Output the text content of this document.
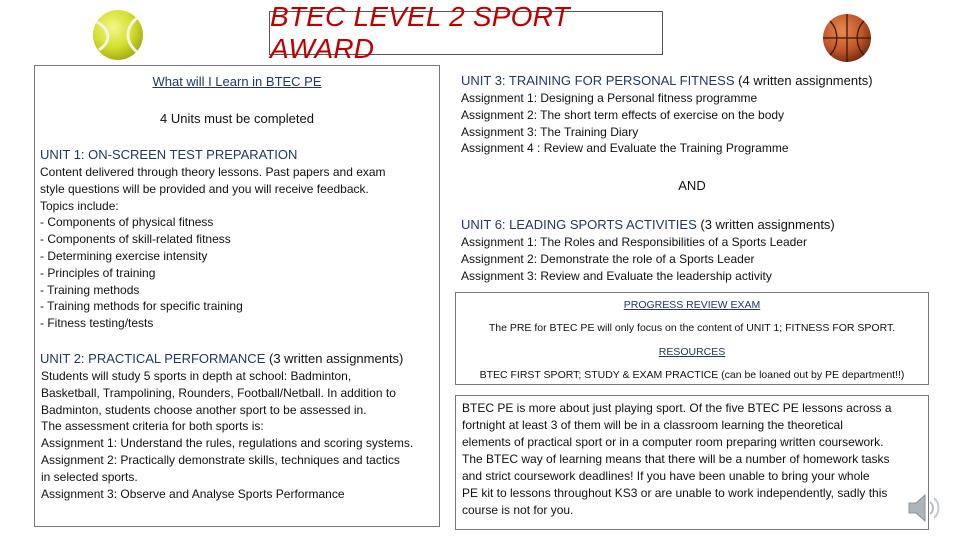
BTEC LEVEL 2 SPORT AWARD
What will I Learn in BTEC PE
4 Units must be completed
UNIT 1: ON-SCREEN TEST PREPARATION
Content delivered through theory lessons. Past papers and exam
style questions will be provided and you will receive feedback.
Topics include:
- Components of physical fitness
- Components of skill-related fitness
- Determining exercise intensity
- Principles of training
- Training methods
- Training methods for specific training
- Fitness testing/tests
UNIT 2: PRACTICAL PERFORMANCE (3 written assignments)
Students will study 5 sports in depth at school: Badminton,
Basketball, Trampolining, Rounders, Football/Netball. In addition to
Badminton, students choose another sport to be assessed in.
The assessment criteria for both sports is:
Assignment 1: Understand the rules, regulations and scoring systems.
Assignment 2: Practically demonstrate skills, techniques and tactics
in selected sports.
Assignment 3: Observe and Analyse Sports Performance
UNIT 3: TRAINING FOR PERSONAL FITNESS (4 written assignments)
Assignment 1: Designing a Personal fitness programme
Assignment 2: The short term effects of exercise on the body
Assignment 3: The Training Diary
Assignment 4 : Review and Evaluate the Training Programme
AND
UNIT 6: LEADING SPORTS ACTIVITIES (3 written assignments)
Assignment 1: The Roles and Responsibilities of a Sports Leader
Assignment 2: Demonstrate the role of a Sports Leader
Assignment 3: Review and Evaluate the leadership activity
PROGRESS REVIEW EXAM
The PRE for BTEC PE will only focus on the content of UNIT 1; FITNESS FOR SPORT.
RESOURCES
BTEC FIRST SPORT; STUDY & EXAM PRACTICE (can be loaned out by PE department!!)
BTEC PE is more about just playing sport. Of the five BTEC PE lessons across a
fortnight at least 3 of them will be in a classroom learning the theoretical
elements of practical sport or in a computer room preparing written coursework.
The BTEC way of learning means that there will be a number of homework tasks
and strict coursework deadlines! If you have been unable to bring your whole
PE kit to lessons throughout KS3 or are unable to work independently, sadly this
course is not for you.
